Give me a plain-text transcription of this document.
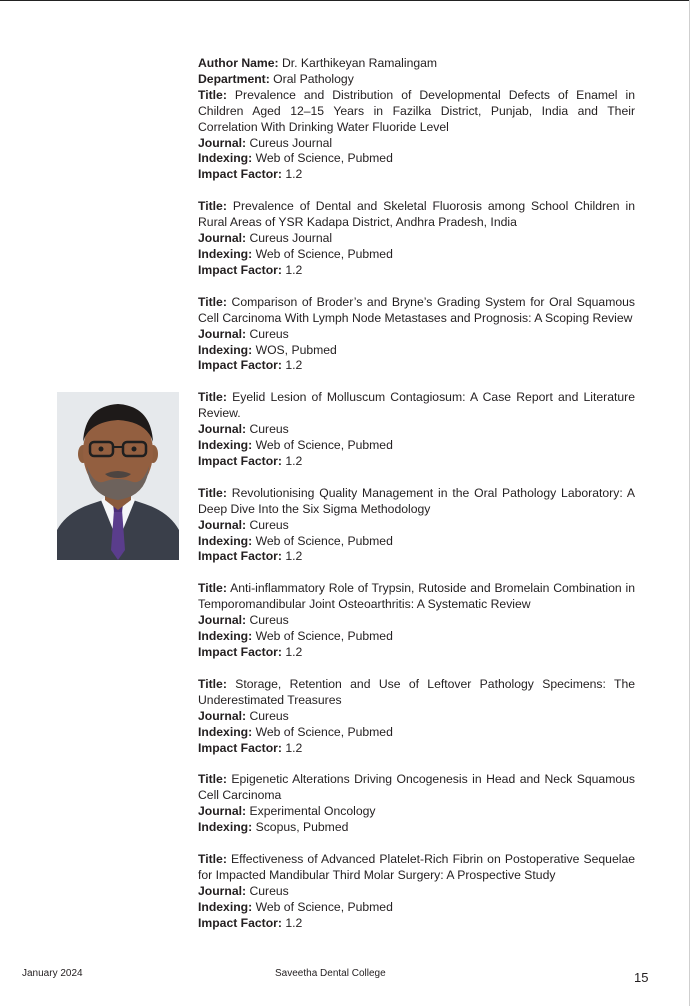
Author Name: Dr. Karthikeyan Ramalingam

Department: Oral Pathology

Title: Prevalence and Distribution of Developmental Defects of Enamel in Children Aged 12–15 Years in Fazilka District, Punjab, India and Their Correlation With Drinking Water Fluoride Level

Journal: Cureus Journal

Indexing: Web of Science, Pubmed

Impact Factor: 1.2

Title: Prevalence of Dental and Skeletal Fluorosis among School Children in Rural Areas of YSR Kadapa District, Andhra Pradesh, India

Journal: Cureus Journal

Indexing: Web of Science, Pubmed

Impact Factor: 1.2

Title: Comparison of Broder’s and Bryne’s Grading System for Oral Squamous Cell Carcinoma With Lymph Node Metastases and Prognosis: A Scoping Review

Journal: Cureus

Indexing: WOS, Pubmed

Impact Factor: 1.2

Title: Eyelid Lesion of Molluscum Contagiosum: A Case Report and Literature Review.

Journal: Cureus

Indexing: Web of Science, Pubmed

Impact Factor: 1.2

Title: Revolutionising Quality Management in the Oral Pathology Laboratory: A Deep Dive Into the Six Sigma Methodology

Journal: Cureus

Indexing: Web of Science, Pubmed

Impact Factor: 1.2

Title: Anti-inflammatory Role of Trypsin, Rutoside and Bromelain Combination in Temporomandibular Joint Osteoarthritis: A Systematic Review

Journal: Cureus

Indexing: Web of Science, Pubmed

Impact Factor: 1.2

Title: Storage, Retention and Use of Leftover Pathology Specimens: The Underestimated Treasures

Journal: Cureus

Indexing: Web of Science, Pubmed

Impact Factor: 1.2

Title: Epigenetic Alterations Driving Oncogenesis in Head and Neck Squamous Cell Carcinoma

Journal: Experimental Oncology

Indexing: Scopus, Pubmed

Title: Effectiveness of Advanced Platelet-Rich Fibrin on Postoperative Sequelae for Impacted Mandibular Third Molar Surgery: A Prospective Study

Journal: Cureus

Indexing: Web of Science, Pubmed

Impact Factor: 1.2

January 2024	Saveetha Dental College	15
